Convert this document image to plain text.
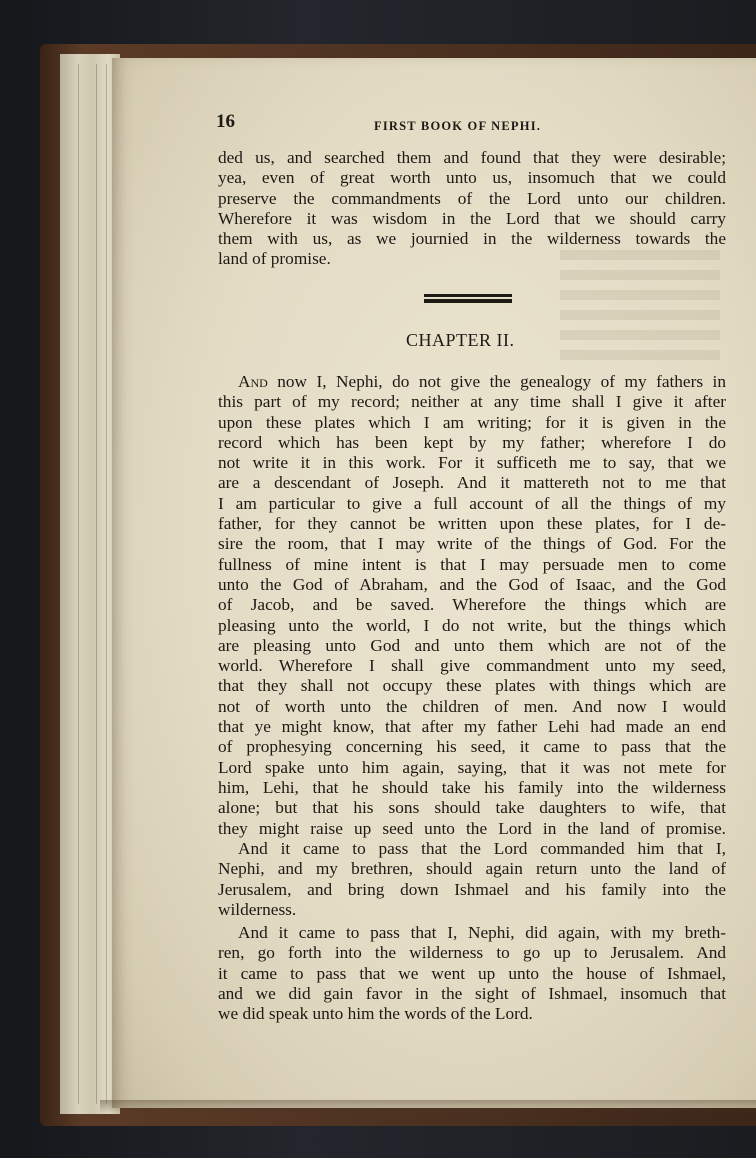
16	FIRST BOOK OF NEPHI.
ded us, and searched them and found that they were desirable;
yea, even of great worth unto us, insomuch that we could
preserve the commandments of the Lord unto our children.
Wherefore it was wisdom in the Lord that we should carry
them with us, as we journied in the wilderness towards the
land of promise.
CHAPTER II.
And now I, Nephi, do not give the genealogy of my fathers in
this part of my record; neither at any time shall I give it after
upon these plates which I am writing; for it is given in the
record which has been kept by my father; wherefore I do
not write it in this work. For it sufficeth me to say, that we
are a descendant of Joseph. And it mattereth not to me that
I am particular to give a full account of all the things of my
father, for they cannot be written upon these plates, for I de-
sire the room, that I may write of the things of God. For the
fullness of mine intent is that I may persuade men to come
unto the God of Abraham, and the God of Isaac, and the God
of Jacob, and be saved. Wherefore the things which are
pleasing unto the world, I do not write, but the things which
are pleasing unto God and unto them which are not of the
world. Wherefore I shall give commandment unto my seed,
that they shall not occupy these plates with things which are
not of worth unto the children of men. And now I would
that ye might know, that after my father Lehi had made an end
of prophesying concerning his seed, it came to pass that the
Lord spake unto him again, saying, that it was not mete for
him, Lehi, that he should take his family into the wilderness
alone; but that his sons should take daughters to wife, that
they might raise up seed unto the Lord in the land of promise.
And it came to pass that the Lord commanded him that I,
Nephi, and my brethren, should again return unto the land of
Jerusalem, and bring down Ishmael and his family into the
wilderness.
And it came to pass that I, Nephi, did again, with my breth-
ren, go forth into the wilderness to go up to Jerusalem. And
it came to pass that we went up unto the house of Ishmael,
and we did gain favor in the sight of Ishmael, insomuch that
we did speak unto him the words of the Lord.
